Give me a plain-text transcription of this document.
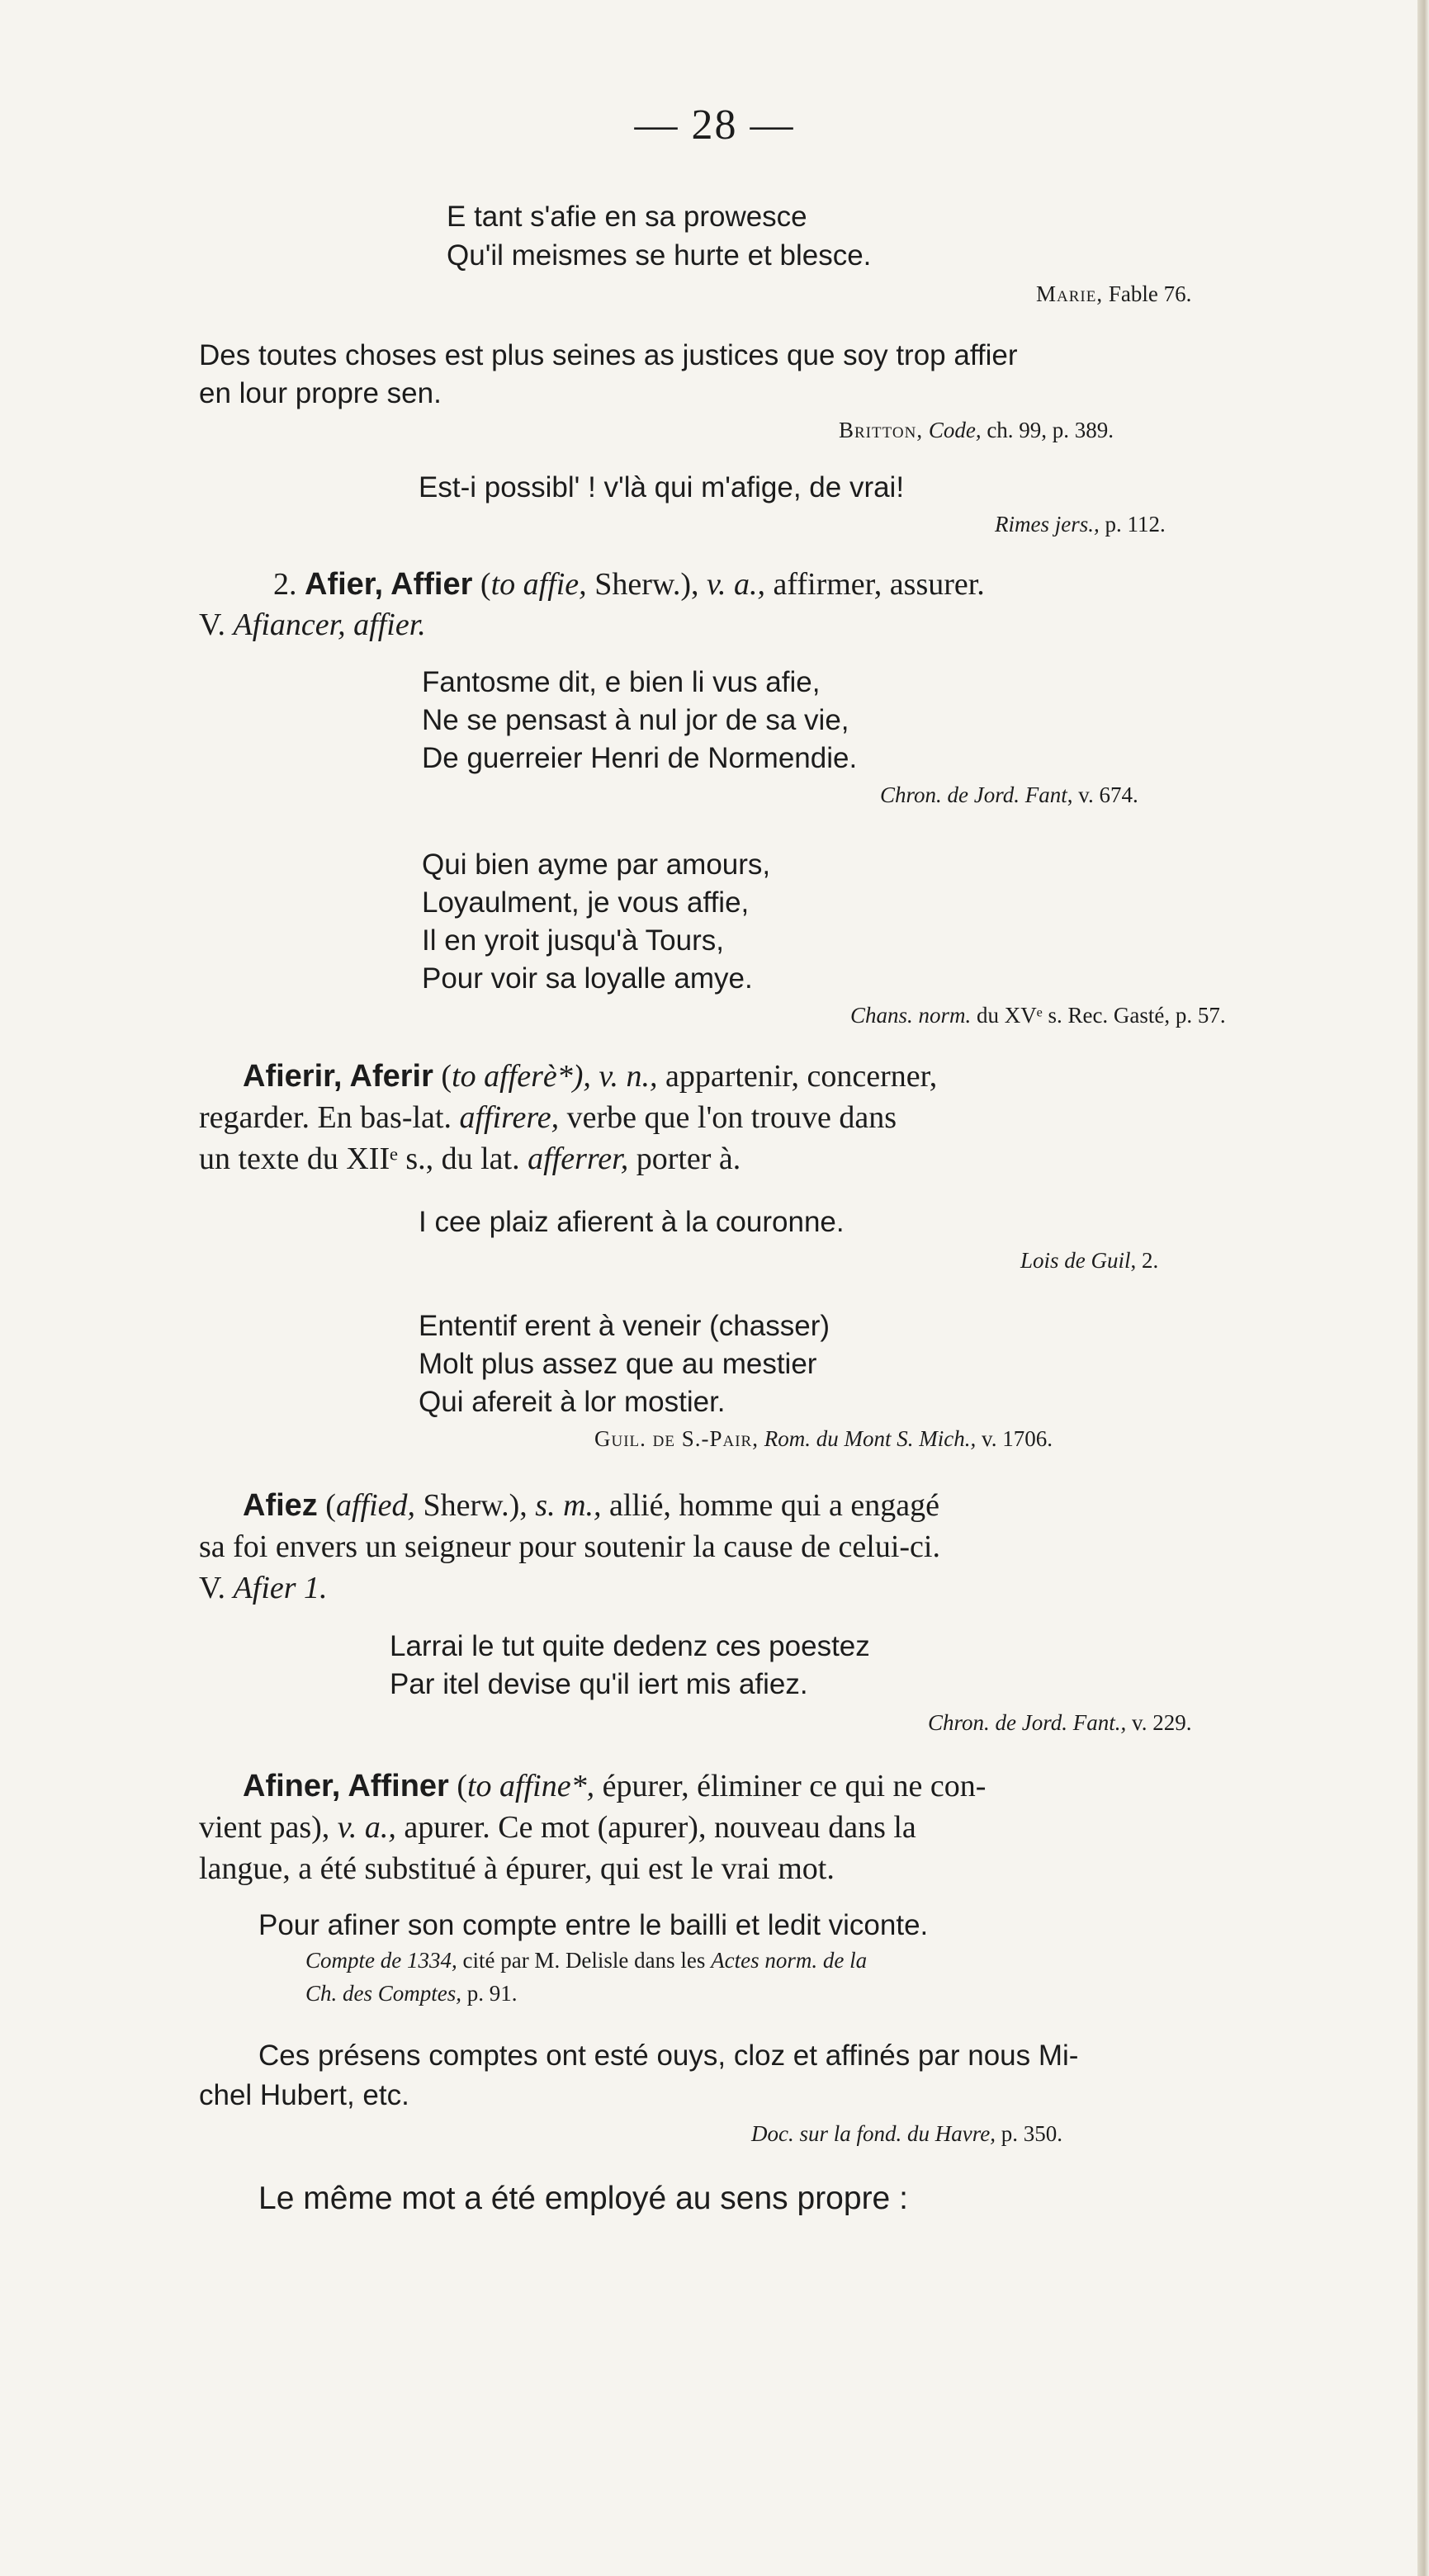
— 28 —
E tant s'afie en sa prowesce
Qu'il meismes se hurte et blesce.
Marie, Fable 76.
Des toutes choses est plus seines as justices que soy trop affier
en lour propre sen.
Britton, Code, ch. 99, p. 389.
Est-i possibl' ! v'là qui m'afige, de vrai!
Rimes jers., p. 112.
2. Afier, Affier (to affie, Sherw.), v. a., affirmer, assurer.
V. Afiancer, affier.
Fantosme dit, e bien li vus afie,
Ne se pensast à nul jor de sa vie,
De guerreier Henri de Normendie.
Chron. de Jord. Fant, v. 674.
Qui bien ayme par amours,
Loyaulment, je vous affie,
Il en yroit jusqu'à Tours,
Pour voir sa loyalle amye.
Chans. norm. du XVᵉ s. Rec. Gasté, p. 57.
Afierir, Aferir (to afferè*), v. n., appartenir, concerner,
regarder. En bas-lat. affirere, verbe que l'on trouve dans
un texte du XIIᵉ s., du lat. afferrer, porter à.
I cee plaiz afierent à la couronne.
Lois de Guil, 2.
Ententif erent à veneir (chasser)
Molt plus assez que au mestier
Qui afereit à lor mostier.
Guil. de S.-Pair, Rom. du Mont S. Mich., v. 1706.
Afiez (affied, Sherw.), s. m., allié, homme qui a engagé
sa foi envers un seigneur pour soutenir la cause de celui-ci.
V. Afier 1.
Larrai le tut quite dedenz ces poestez
Par itel devise qu'il iert mis afiez.
Chron. de Jord. Fant., v. 229.
Afiner, Affiner (to affine*, épurer, éliminer ce qui ne con-
vient pas), v. a., apurer. Ce mot (apurer), nouveau dans la
langue, a été substitué à épurer, qui est le vrai mot.
Pour afiner son compte entre le bailli et ledit viconte.
Compte de 1334, cité par M. Delisle dans les Actes norm. de la
Ch. des Comptes, p. 91.
Ces présens comptes ont esté ouys, cloz et affinés par nous Mi-
chel Hubert, etc.
Doc. sur la fond. du Havre, p. 350.
Le même mot a été employé au sens propre :
